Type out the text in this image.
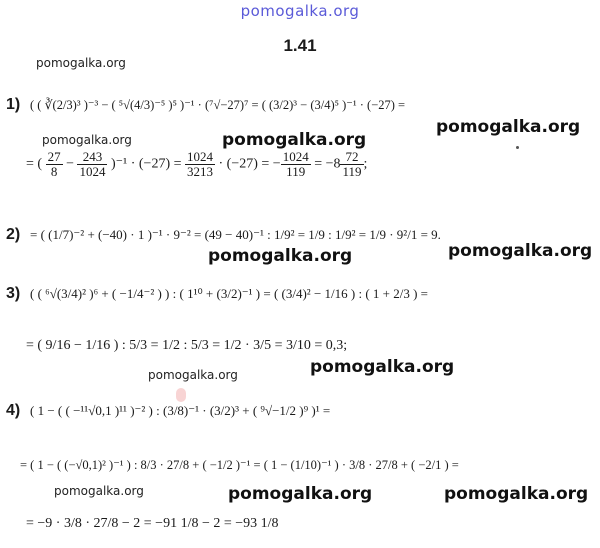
pomogalka.org
1.41
pomogalka.org
pomogalka.org
pomogalka.org
pomogalka.org
pomogalka.org
pomogalka.org
pomogalka.org	pomogalka.org
pomogalka.org
pomogalka.org	pomogalka.org
1) ( ( ∛(2/3)³ )⁻³ − ( ⁵√(4/3)⁻⁵ )⁵ )⁻¹ · (⁷√−27)⁷ = ( (3/2)³ − (3/4)⁵ )⁻¹ · (−27) =
= ( $\frac{27}{8} - \frac{243}{1024} )^{-1} \cdot (-27) = \frac{1024}{3213} \cdot (-27)$ = − $\frac{1024}{119} = -8 \frac{72}{119}$ ;
2) = ( (1/7)⁻² + (−40) · 1 )⁻¹ · 9⁻² = (49 − 40)⁻¹ : 1/9² = 1/9 : 1/9² = 1/9 · 9²/1 = 9.
3) ( ( ⁶√(3/4)² )⁶ + ( −1/4⁻² ) ) : ( 1¹⁰ + (3/2)⁻¹ ) = ( (3/4)² − 1/16 ) : ( 1 + 2/3 ) =
= ( 9/16 − 1/16 ) : 5/3 = 1/2 : 5/3 = 1/2 · 3/5 = 3/10 = 0,3;
4) ( 1 − ( ( −¹¹√0,1 )¹¹ )⁻² ) : (3/8)⁻¹ · (3/2)³ + ( ⁹√−1/2 )⁹ )¹ =
= ( 1 − ( (−√0,1)² )⁻¹ ) : 8/3 · 27/8 + ( −1/2 )⁻¹ = ( 1 − (1/10)⁻¹ ) · 3/8 · 27/8 + ( −2/1 ) =
= −9 · 3/8 · 27/8 − 2 = −91 1/8 − 2 = −93 1/8
